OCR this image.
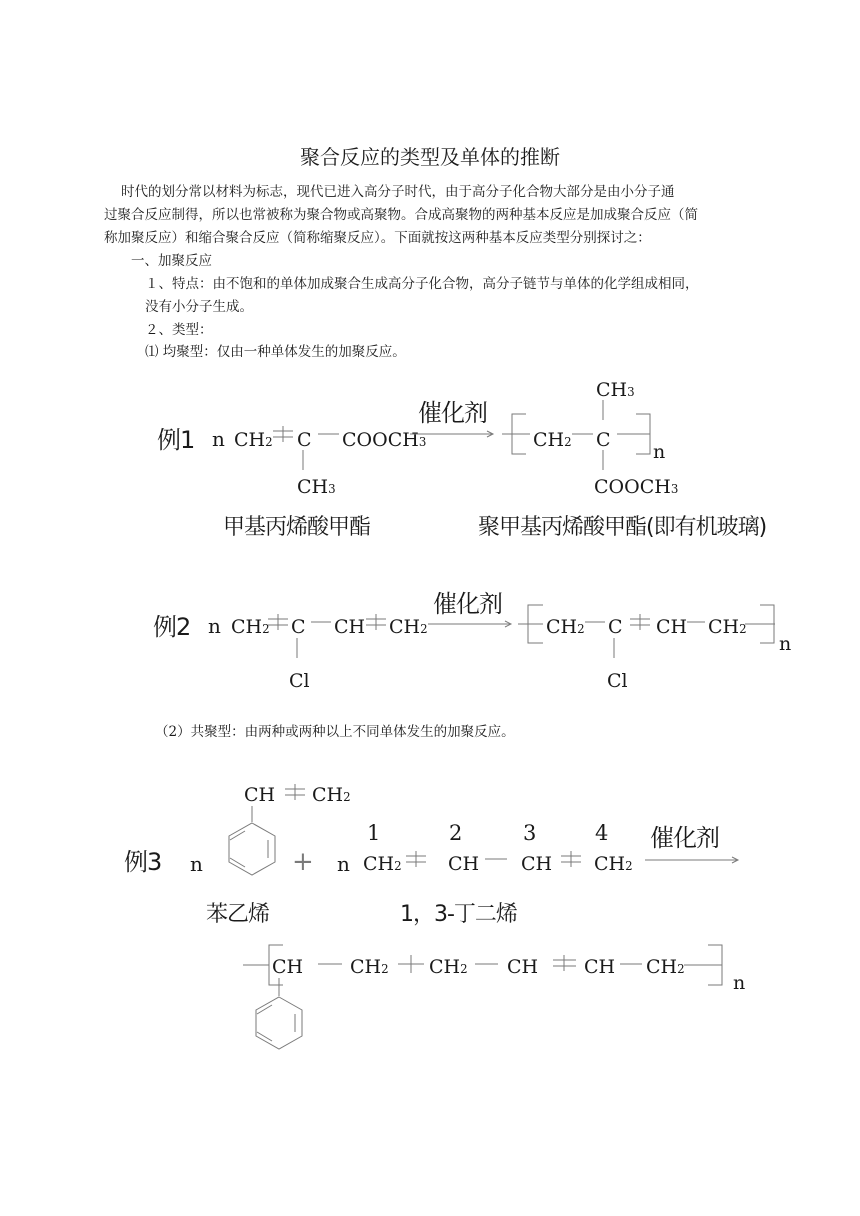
聚合反应的类型及单体的推断
时代的划分常以材料为标志，现代已进入高分子时代，由于高分子化合物大部分是由小分子通
过聚合反应制得，所以也常被称为聚合物或高聚物。合成高聚物的两种基本反应是加成聚合反应（简
称加聚反应）和缩合聚合反应（简称缩聚反应）。下面就按这两种基本反应类型分别探讨之：
一、加聚反应
１、特点：由不饱和的单体加成聚合生成高分子化合物，高分子链节与单体的化学组成相同，
没有小分子生成。
２、类型：
⑴ 均聚型：仅由一种单体发生的加聚反应。
（2）共聚型：由两种或两种以上不同单体发生的加聚反应。
例1 n CH2 C COOCH3
CH3
催化剂
CH2 C
n
CH3
COOCH3
甲基丙烯酸甲酯	聚甲基丙烯酸甲酯(即有机玻璃)
例2 n CH2 C CH CH2
Cl
催化剂
CH2 C CH CH2
n
Cl
CH CH2
例3 n	+ n
1	2	3	4
CH2 CH CH CH2
催化剂
苯乙烯	1，3-丁二烯
CH CH2 CH2 CH CH CH2
n
